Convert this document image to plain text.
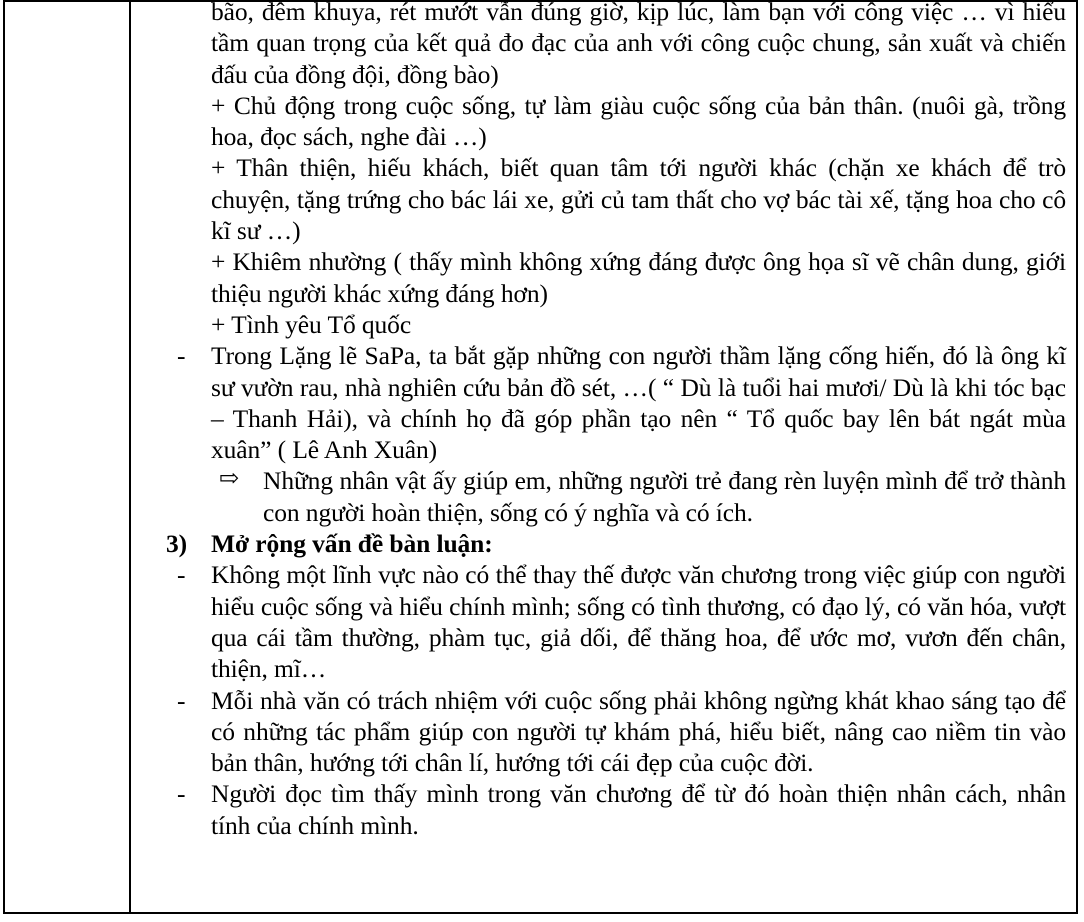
bão, đêm khuya, rét mướt vẫn đúng giờ, kịp lúc, làm bạn với công việc … vì hiểu tầm quan trọng của kết quả đo đạc của anh với công cuộc chung, sản xuất và chiến đấu của đồng đội, đồng bào)

+ Chủ động trong cuộc sống, tự làm giàu cuộc sống của bản thân. (nuôi gà, trồng hoa, đọc sách, nghe đài …)

+ Thân thiện, hiếu khách, biết quan tâm tới người khác (chặn xe khách để trò chuyện, tặng trứng cho bác lái xe, gửi củ tam thất cho vợ bác tài xế, tặng hoa cho cô kĩ sư …)

+ Khiêm nhường ( thấy mình không xứng đáng được ông họa sĩ vẽ chân dung, giới thiệu người khác xứng đáng hơn)

+ Tình yêu Tổ quốc

-	Trong Lặng lẽ SaPa, ta bắt gặp những con người thầm lặng cống hiến, đó là ông kĩ sư vườn rau, nhà nghiên cứu bản đồ sét, …( “ Dù là tuổi hai mươi/ Dù là khi tóc bạc – Thanh Hải), và chính họ đã góp phần tạo nên “ Tổ quốc bay lên bát ngát mùa xuân” ( Lê Anh Xuân)

⇨ Những nhân vật ấy giúp em, những người trẻ đang rèn luyện mình để trở thành con người hoàn thiện, sống có ý nghĩa và có ích.

3) Mở rộng vấn đề bàn luận:

-	Không một lĩnh vực nào có thể thay thế được văn chương trong việc giúp con người hiểu cuộc sống và hiểu chính mình; sống có tình thương, có đạo lý, có văn hóa, vượt qua cái tầm thường, phàm tục, giả dối, để thăng hoa, để ước mơ, vươn đến chân, thiện, mĩ…

-	Mỗi nhà văn có trách nhiệm với cuộc sống phải không ngừng khát khao sáng tạo để có những tác phẩm giúp con người tự khám phá, hiểu biết, nâng cao niềm tin vào bản thân, hướng tới chân lí, hướng tới cái đẹp của cuộc đời.

-	Người đọc tìm thấy mình trong văn chương để từ đó hoàn thiện nhân cách, nhân tính của chính mình.
